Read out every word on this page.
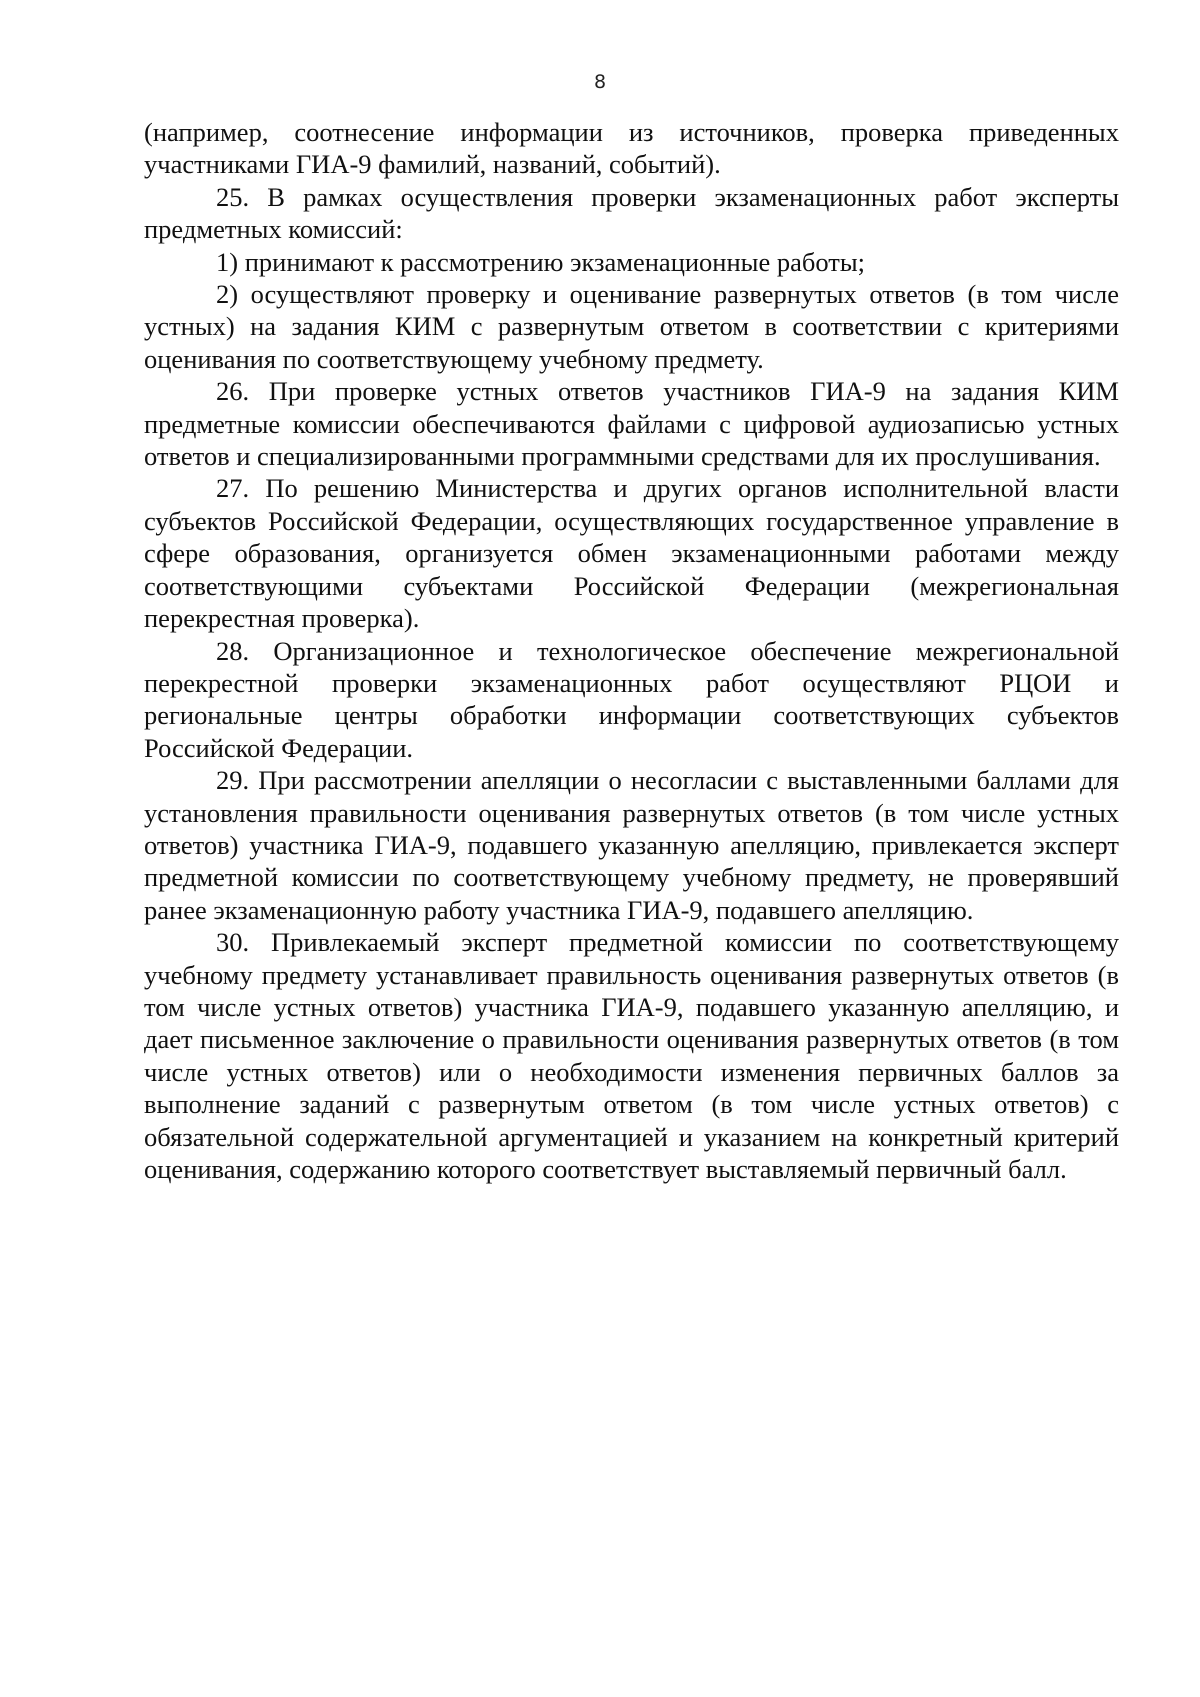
8

(например, соотнесение информации из источников, проверка приведенных участниками ГИА-9 фамилий, названий, событий).

25. В рамках осуществления проверки экзаменационных работ эксперты предметных комиссий:

1) принимают к рассмотрению экзаменационные работы;

2) осуществляют проверку и оценивание развернутых ответов (в том числе устных) на задания КИМ с развернутым ответом в соответствии с критериями оценивания по соответствующему учебному предмету.

26. При проверке устных ответов участников ГИА-9 на задания КИМ предметные комиссии обеспечиваются файлами с цифровой аудиозаписью устных ответов и специализированными программными средствами для их прослушивания.

27. По решению Министерства и других органов исполнительной власти субъектов Российской Федерации, осуществляющих государственное управление в сфере образования, организуется обмен экзаменационными работами между соответствующими субъектами Российской Федерации (межрегиональная перекрестная проверка).

28. Организационное и технологическое обеспечение межрегиональной перекрестной проверки экзаменационных работ осуществляют РЦОИ и региональные центры обработки информации соответствующих субъектов Российской Федерации.

29. При рассмотрении апелляции о несогласии с выставленными баллами для установления правильности оценивания развернутых ответов (в том числе устных ответов) участника ГИА-9, подавшего указанную апелляцию, привлекается эксперт предметной комиссии по соответствующему учебному предмету, не проверявший ранее экзаменационную работу участника ГИА-9, подавшего апелляцию.

30. Привлекаемый эксперт предметной комиссии по соответствующему учебному предмету устанавливает правильность оценивания развернутых ответов (в том числе устных ответов) участника ГИА-9, подавшего указанную апелляцию, и дает письменное заключение о правильности оценивания развернутых ответов (в том числе устных ответов) или о необходимости изменения первичных баллов за выполнение заданий с развернутым ответом (в том числе устных ответов) с обязательной содержательной аргументацией и указанием на конкретный критерий оценивания, содержанию которого соответствует выставляемый первичный балл.
